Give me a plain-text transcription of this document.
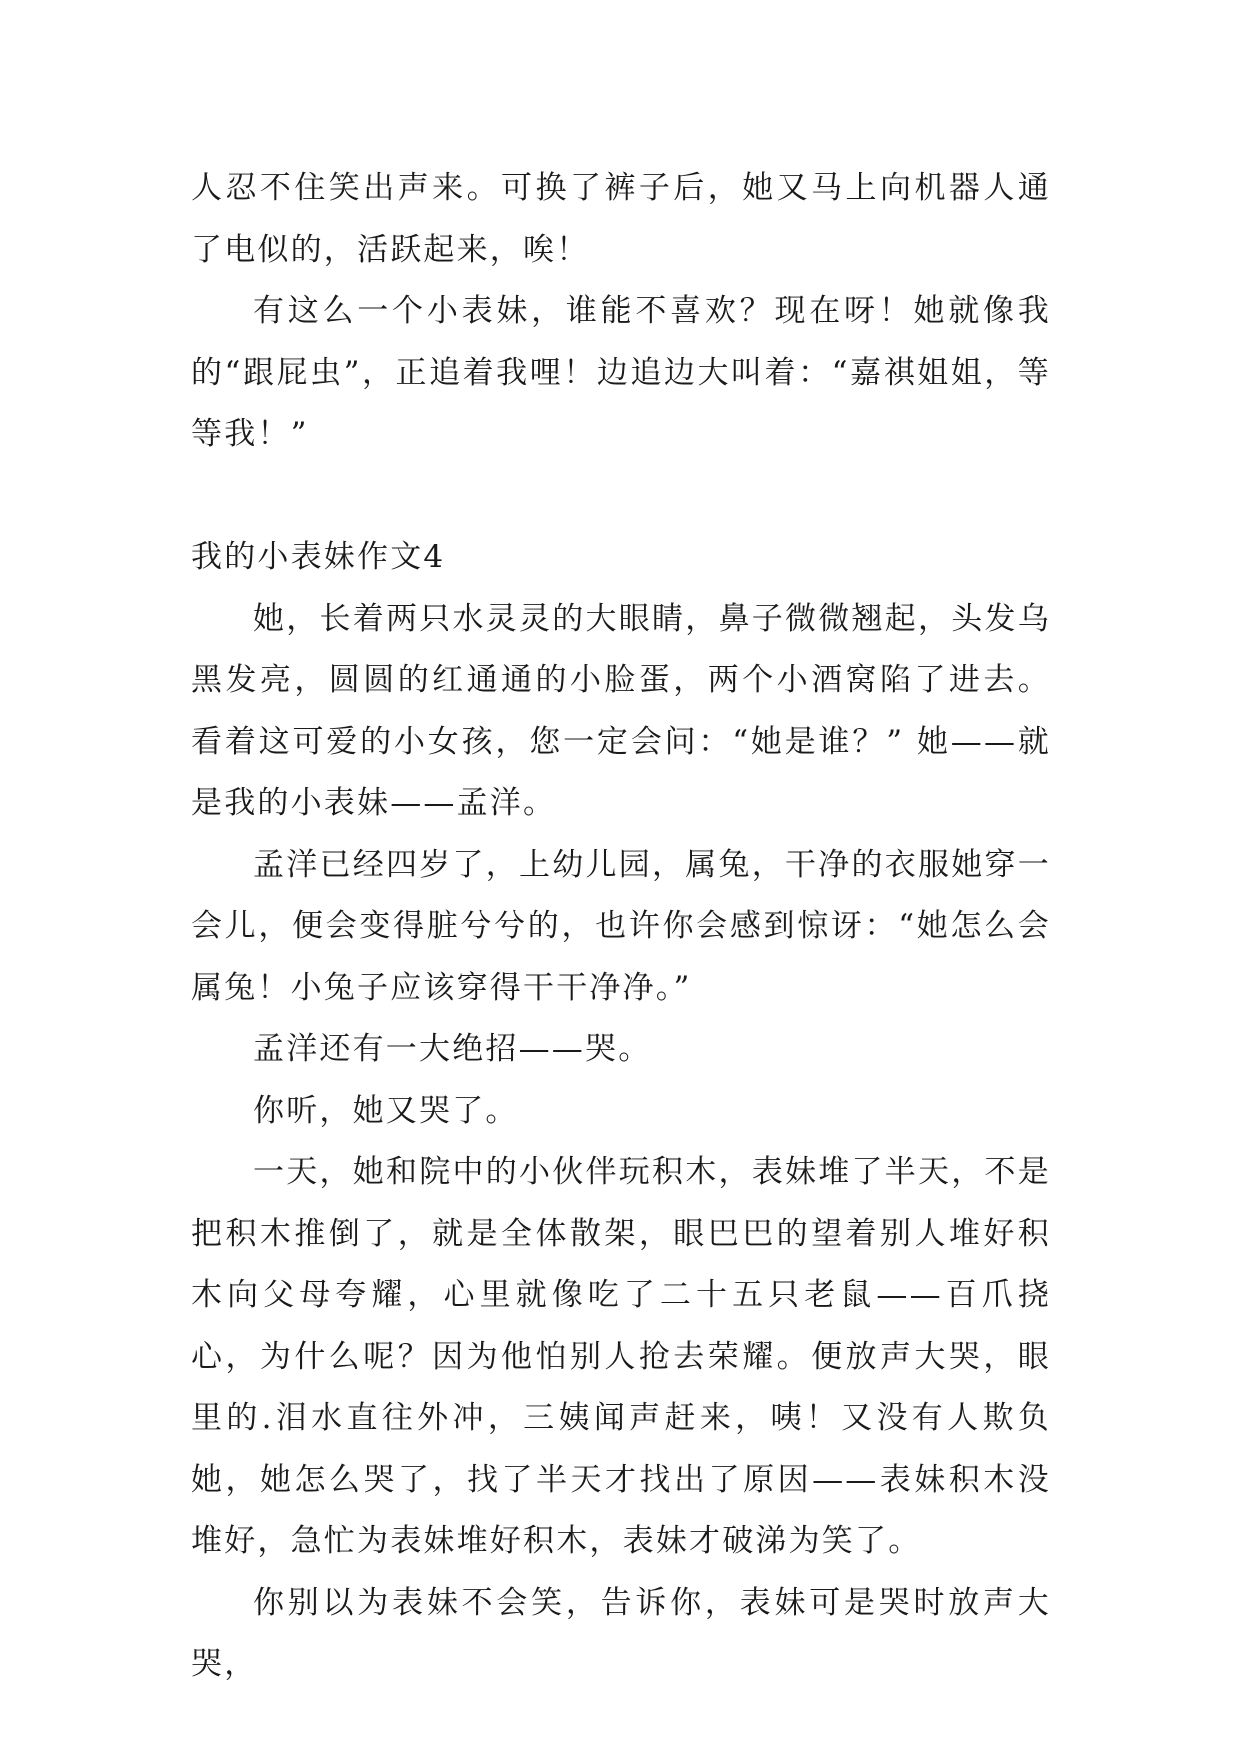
人忍不住笑出声来。可换了裤子后，她又马上向机器人通了电似的，活跃起来，唉！

有这么一个小表妹，谁能不喜欢？现在呀！她就像我的“跟屁虫”，正追着我哩！边追边大叫着：“嘉祺姐姐，等等我！”

我的小表妹作文4

她，长着两只水灵灵的大眼睛，鼻子微微翘起，头发乌黑发亮，圆圆的红通通的小脸蛋，两个小酒窝陷了进去。看着这可爱的小女孩，您一定会问：“她是谁？” 她——就是我的小表妹——孟洋。

孟洋已经四岁了，上幼儿园，属兔，干净的衣服她穿一会儿，便会变得脏兮兮的，也许你会感到惊讶：“她怎么会属兔！小兔子应该穿得干干净净。”

孟洋还有一大绝招——哭。

你听，她又哭了。

一天，她和院中的小伙伴玩积木，表妹堆了半天，不是把积木推倒了，就是全体散架，眼巴巴的望着别人堆好积木向父母夸耀，心里就像吃了二十五只老鼠——百爪挠心，为什么呢？因为他怕别人抢去荣耀。便放声大哭，眼里的.泪水直往外冲，三姨闻声赶来，咦！又没有人欺负她，她怎么哭了，找了半天才找出了原因——表妹积木没堆好，急忙为表妹堆好积木，表妹才破涕为笑了。

你别以为表妹不会笑，告诉你，表妹可是哭时放声大哭，
